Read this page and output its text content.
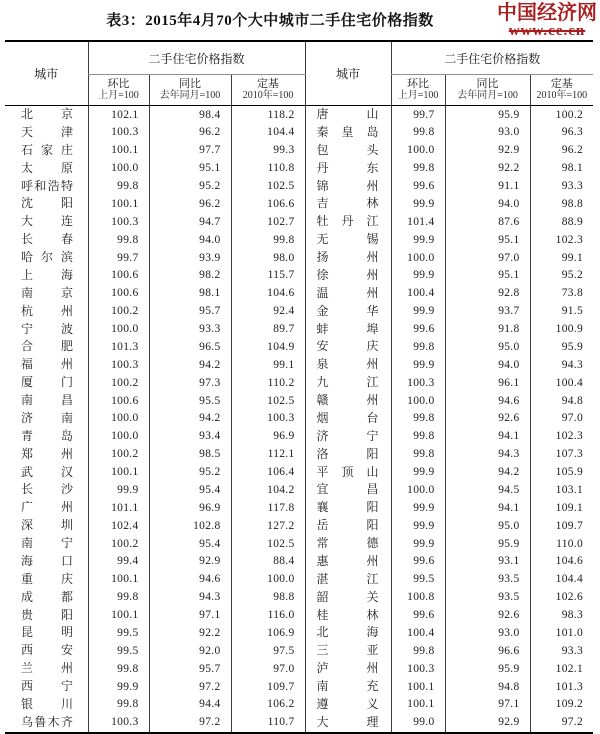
表3：2015年4月70个大中城市二手住宅价格指数	中国经济网
www.ce.cn
城市	二手住宅价格指数			城市	二手住宅价格指数		

环比
上月=100

同比
去年同月=100

定基
2010年=100

环比
上月=100

同比
去年同月=100

定基
2010年=100

北京	102.1	98.4	118.2	唐山	99.7	95.9	100.2
天津	100.3	96.2	104.4	秦皇岛	99.8	93.0	96.3
石家庄	100.1	97.7	99.3	包头	100.0	92.9	96.2
太原	100.0	95.1	110.8	丹东	99.8	92.2	98.1
呼和浩特	99.8	95.2	102.5	锦州	99.6	91.1	93.3
沈阳	100.1	96.2	106.6	吉林	99.9	94.0	98.8
大连	100.3	94.7	102.7	牡丹江	101.4	87.6	88.9
长春	99.8	94.0	99.8	无锡	99.9	95.1	102.3
哈尔滨	99.7	93.9	98.0	扬州	100.0	97.0	99.1
上海	100.6	98.2	115.7	徐州	99.9	95.1	95.2
南京	100.6	98.1	104.6	温州	100.4	92.8	73.8
杭州	100.2	95.7	92.4	金华	99.9	93.7	91.5
宁波	100.0	93.3	89.7	蚌埠	99.6	91.8	100.9
合肥	101.3	96.5	104.9	安庆	99.8	95.0	95.9
福州	100.3	94.2	99.1	泉州	99.9	94.0	94.3
厦门	100.2	97.3	110.2	九江	100.3	96.1	100.4
南昌	100.6	95.5	102.5	赣州	100.0	94.6	94.8
济南	100.0	94.2	100.3	烟台	99.8	92.6	97.0
青岛	100.0	93.4	96.9	济宁	99.8	94.1	102.3
郑州	100.2	98.5	112.1	洛阳	99.8	94.3	107.3
武汉	100.1	95.2	106.4	平顶山	99.9	94.2	105.9
长沙	99.9	95.4	104.2	宜昌	100.0	94.5	103.1
广州	101.1	96.9	117.8	襄阳	99.9	94.1	109.1
深圳	102.4	102.8	127.2	岳阳	99.9	95.0	109.7
南宁	100.2	95.4	102.5	常德	99.9	95.9	110.0
海口	99.4	92.9	88.4	惠州	99.6	93.1	104.6
重庆	100.1	94.6	100.0	湛江	99.5	93.5	104.4
成都	99.8	94.3	98.8	韶关	100.8	93.5	102.6
贵阳	100.1	97.1	116.0	桂林	99.6	92.6	98.3
昆明	99.5	92.2	106.9	北海	100.4	93.0	101.0
西安	99.5	92.0	97.5	三亚	99.8	96.6	93.3
兰州	99.8	95.7	97.0	泸州	100.3	95.9	102.1
西宁	99.9	97.2	109.7	南充	100.1	94.8	101.3
银川	99.8	94.4	106.2	遵义	100.1	97.1	109.2
乌鲁木齐	100.3	97.2	110.7	大理	99.0	92.9	97.2
